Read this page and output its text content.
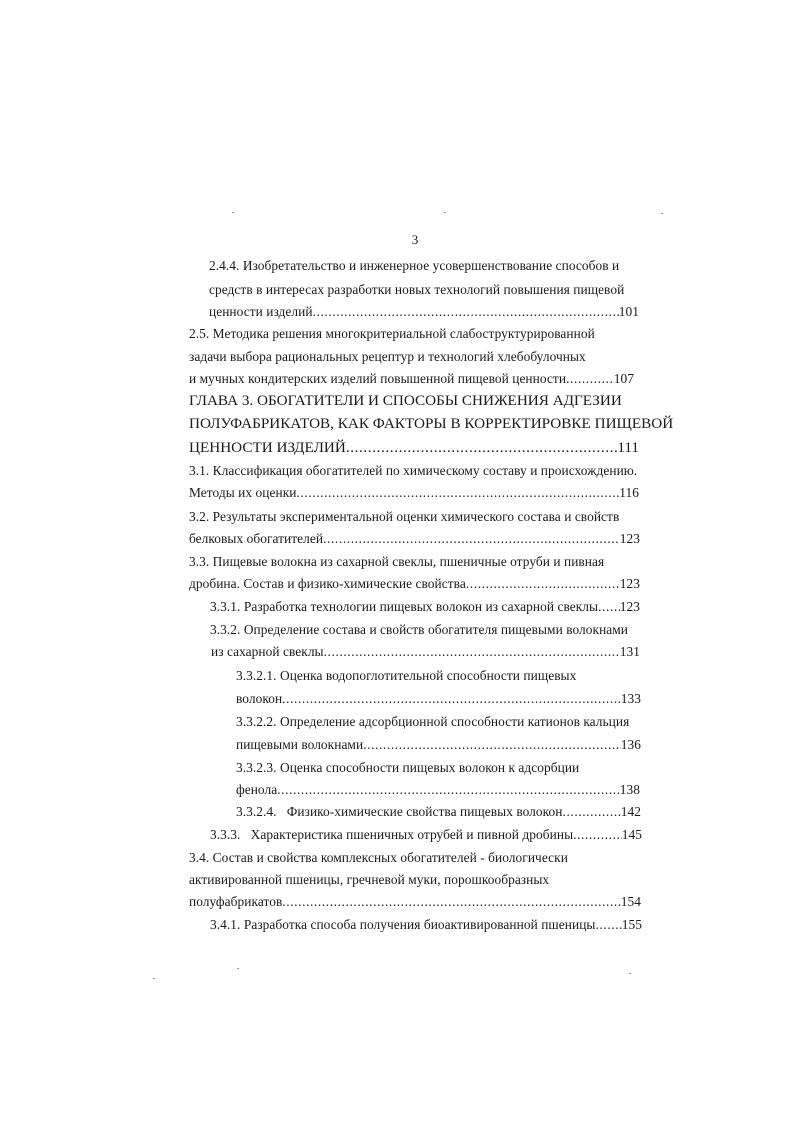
3
2.4.4. Изобретательство и инженерное усовершенствование способов и
средств в интересах разработки новых технологий повышения пищевой
ценности изделий .....	101
2.5. Методика решения многокритериальной слабоструктурированной
задачи выбора рациональных рецептур и технологий хлебобулочных
и мучных кондитерских изделий повышенной пищевой ценности .....	107
ГЛАВА 3. ОБОГАТИТЕЛИ И СПОСОБЫ СНИЖЕНИЯ АДГЕЗИИ
ПОЛУФАБРИКАТОВ, КАК ФАКТОРЫ В КОРРЕКТИРОВКЕ ПИЩЕВОЙ
ЦЕННОСТИ ИЗДЕЛИЙ .....	111
3.1. Классификация обогатителей по химическому составу и происхождению.
Методы их оценки .....	116
3.2. Результаты экспериментальной оценки химического состава и свойств
белковых обогатителей .....	123
3.3. Пищевые волокна из сахарной свеклы, пшеничные отруби и пивная
дробина. Состав и физико-химические свойства .....	123
3.3.1. Разработка технологии пищевых волокон из сахарной свеклы ..... 123
3.3.2. Определение состава и свойств обогатителя пищевыми волокнами
из сахарной свеклы .....	131
3.3.2.1. Оценка водопоглотительной способности пищевых
волокон .....	133
3.3.2.2. Определение адсорбционной способности катионов кальция
пищевыми волокнами .....	136
3.3.2.3. Оценка способности пищевых волокон к адсорбции
фенола .....	138
3.3.2.4.   Физико-химические свойства пищевых волокон .....	142
3.3.3.   Характеристика пшеничных отрубей и пивной дробины .....	145
3.4. Состав и свойства комплексных обогатителей - биологически
активированной пшеницы, гречневой муки, порошкообразных
полуфабрикатов .....	154
3.4.1. Разработка способа получения биоактивированной пшеницы ..... 155
